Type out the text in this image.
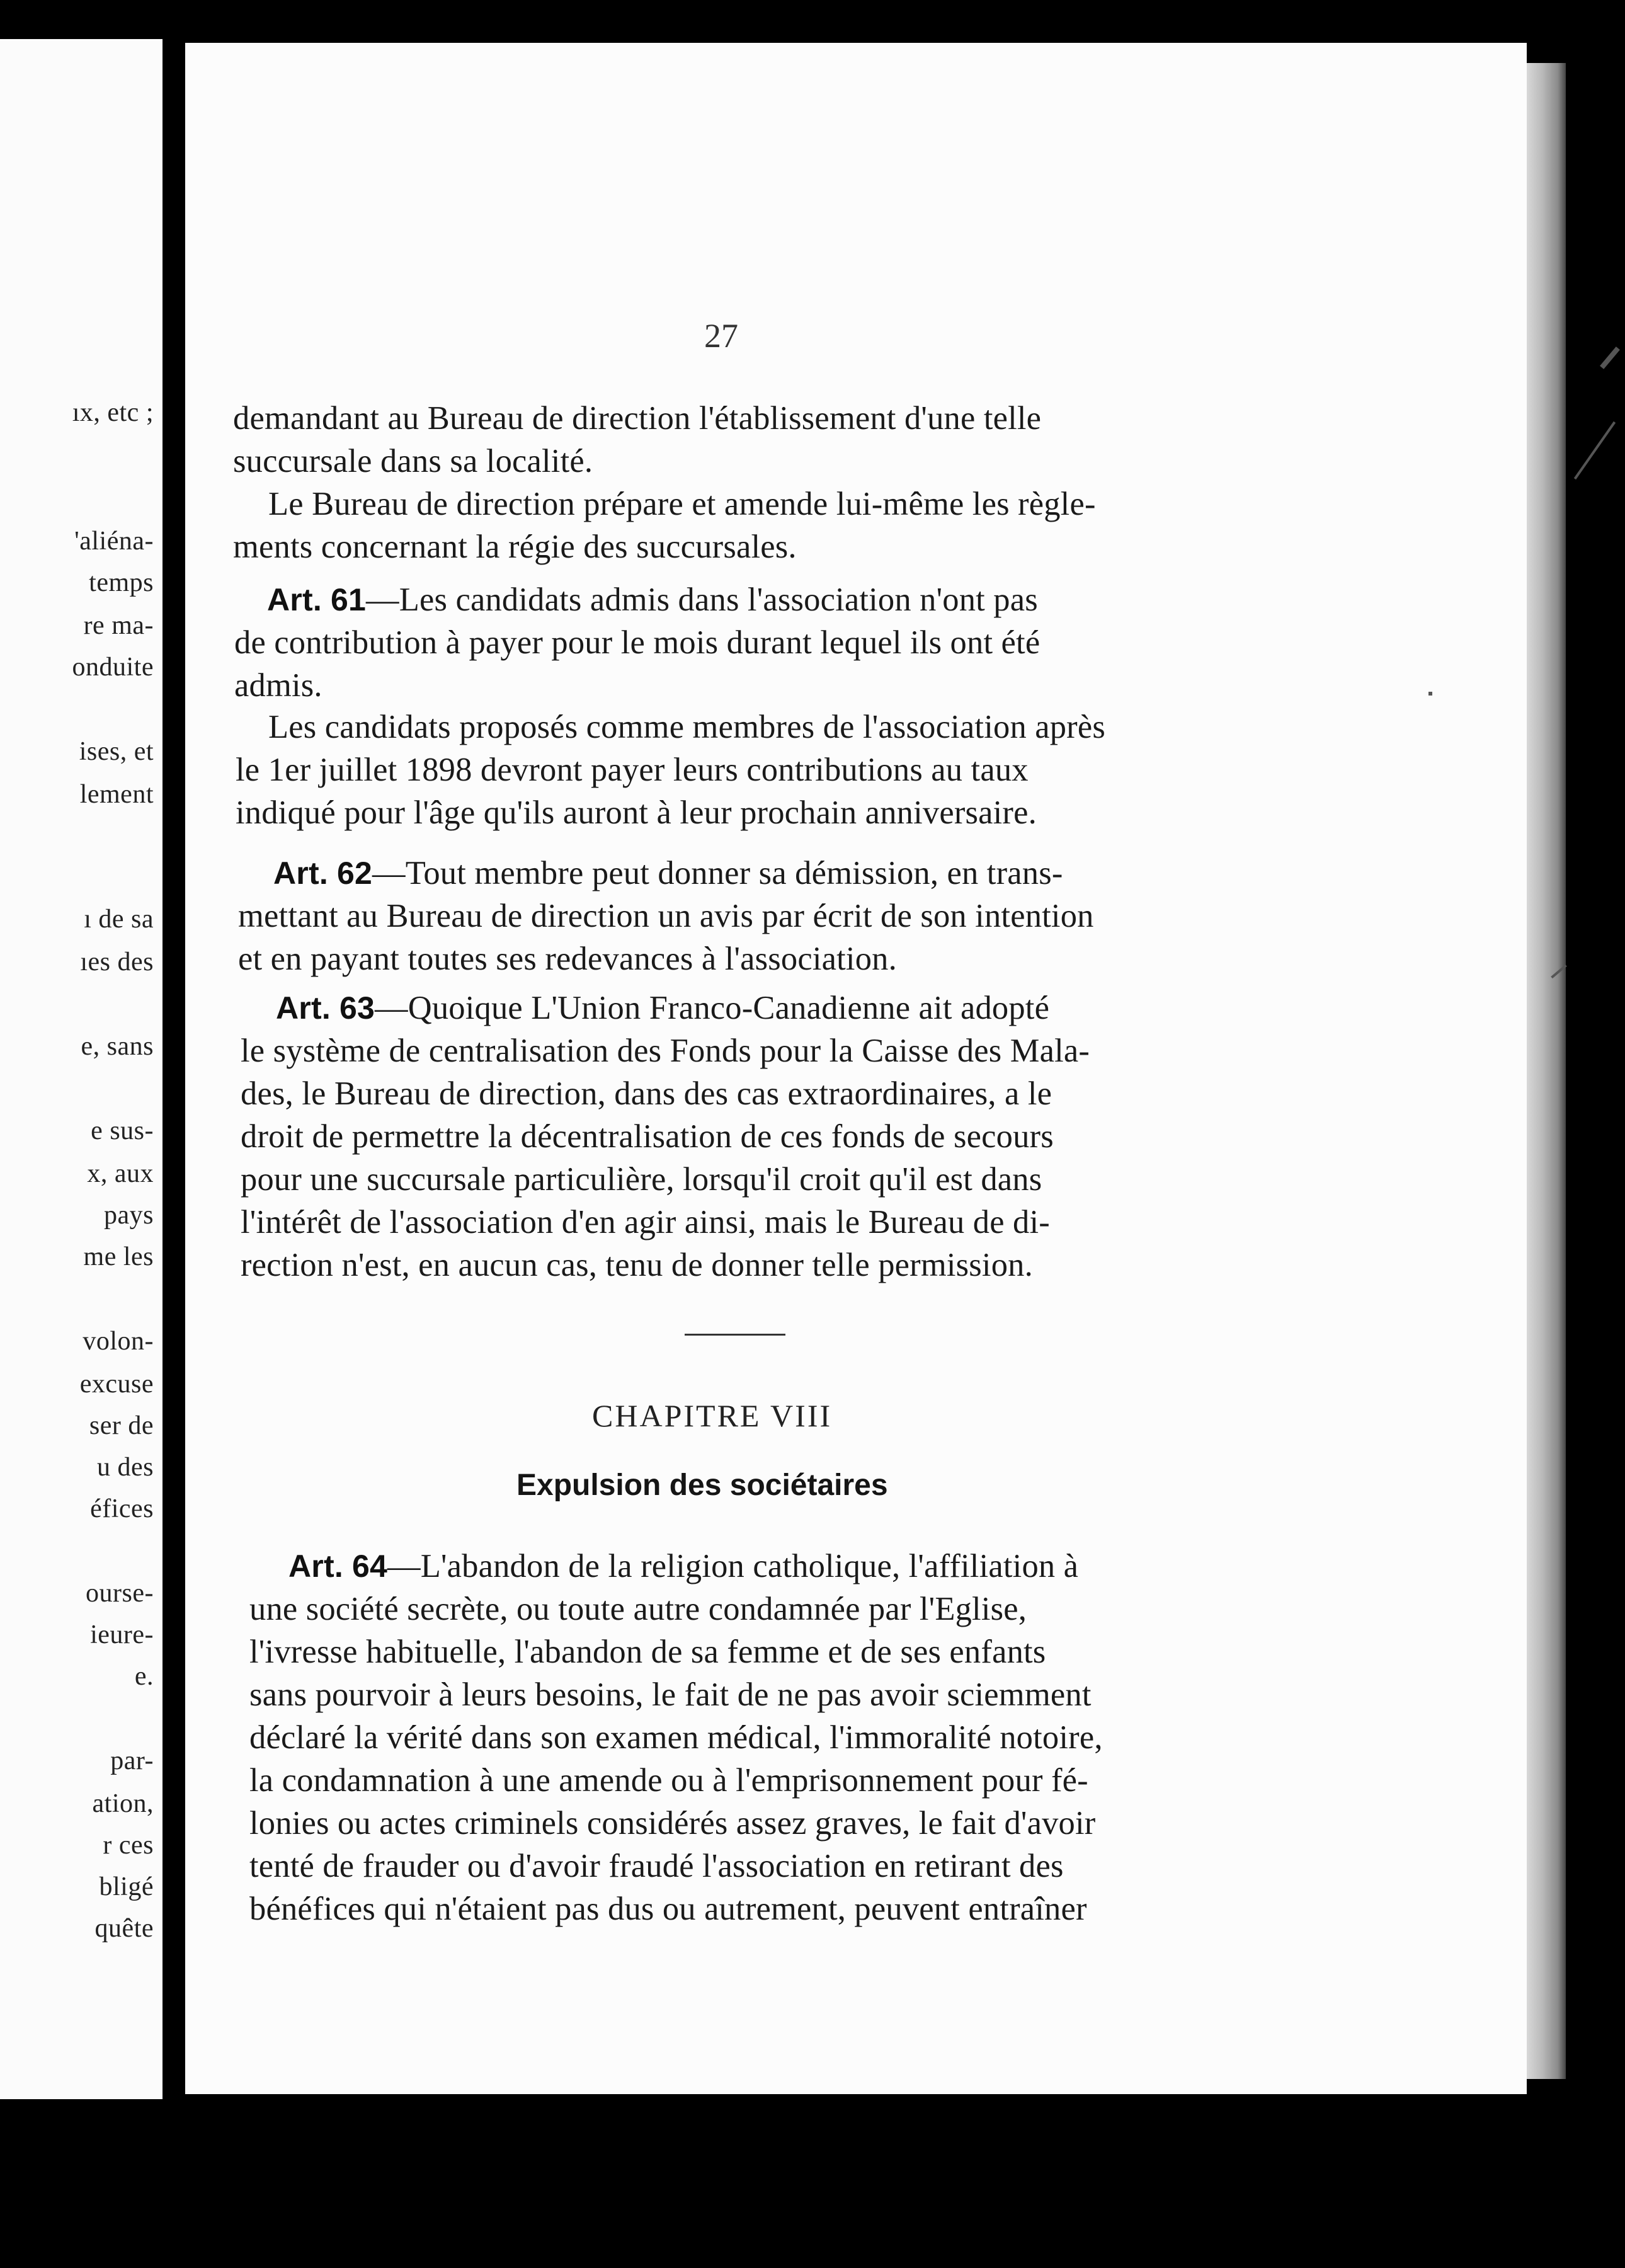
ıx, etc ;
'aliéna-
temps
re ma-
onduite
ises, et
lement
ı de sa
ıes des
e, sans
e sus-
x, aux
pays
me les
volon-
excuse
ser de
u des
éfices
ourse-
ieure-
e.
par-
ation,
r ces
bligé
quête
27
demandant au Bureau de direction l'établissement d'une telle
succursale dans sa localité.
Le Bureau de direction prépare et amende lui-même les règle-
ments concernant la régie des succursales.
Art. 61—Les candidats admis dans l'association n'ont pas
de contribution à payer pour le mois durant lequel ils ont été
admis.
Les candidats proposés comme membres de l'association après
le 1er juillet 1898 devront payer leurs contributions au taux
indiqué pour l'âge qu'ils auront à leur prochain anniversaire.
Art. 62—Tout membre peut donner sa démission, en trans-
mettant au Bureau de direction un avis par écrit de son intention
et en payant toutes ses redevances à l'association.
Art. 63—Quoique L'Union Franco-Canadienne ait adopté
le système de centralisation des Fonds pour la Caisse des Mala-
des, le Bureau de direction, dans des cas extraordinaires, a le
droit de permettre la décentralisation de ces fonds de secours
pour une succursale particulière, lorsqu'il croit qu'il est dans
l'intérêt de l'association d'en agir ainsi, mais le Bureau de di-
rection n'est, en aucun cas, tenu de donner telle permission.
CHAPITRE VIII
Expulsion des sociétaires
Art. 64—L'abandon de la religion catholique, l'affiliation à
une société secrète, ou toute autre condamnée par l'Eglise,
l'ivresse habituelle, l'abandon de sa femme et de ses enfants
sans pourvoir à leurs besoins, le fait de ne pas avoir sciemment
déclaré la vérité dans son examen médical, l'immoralité notoire,
la condamnation à une amende ou à l'emprisonnement pour fé-
lonies ou actes criminels considérés assez graves, le fait d'avoir
tenté de frauder ou d'avoir fraudé l'association en retirant des
bénéfices qui n'étaient pas dus ou autrement, peuvent entraîner
